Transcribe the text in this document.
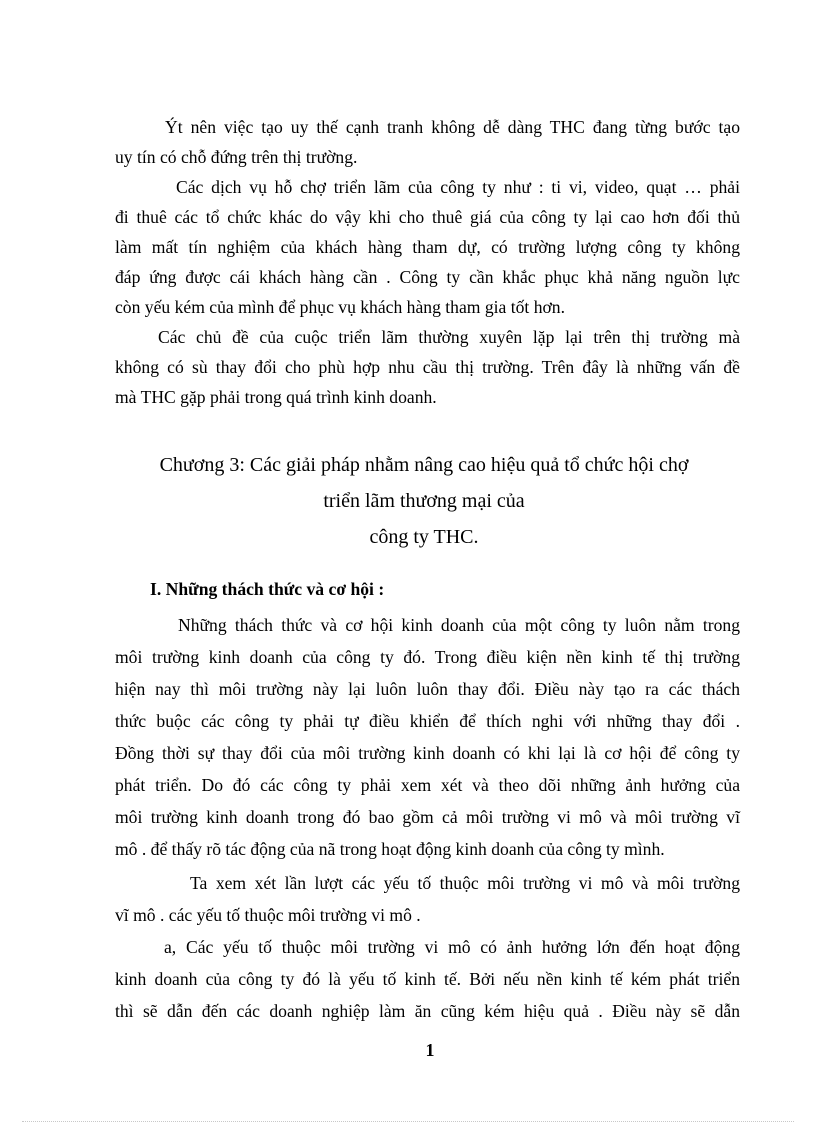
Ýt nên việc tạo uy thế cạnh tranh không dễ dàng THC đang từng bước tạo
uy tín có chỗ đứng trên thị trường.
Các dịch vụ hỗ chợ triển lãm của công ty như : ti vi, video, quạt … phải
đi thuê các tổ chức khác do vậy khi cho thuê giá của công ty lại cao hơn đối thủ
làm mất tín nghiệm của khách hàng tham dự, có trường lượng công ty không
đáp ứng được cái khách hàng cần . Công ty cần khắc phục khả năng nguồn lực
còn yếu kém của mình để phục vụ khách hàng tham gia tốt hơn.
Các chủ đề của cuộc triển lãm thường xuyên lặp lại trên thị trường mà
không có sù thay đổi cho phù hợp nhu cầu thị trường. Trên đây là những vấn đề
mà THC gặp phải trong quá trình kinh doanh.
Chương 3: Các giải pháp nhằm nâng cao hiệu quả tổ chức hội chợ
triển lãm thương mại của
công ty THC.
I. Những thách thức và cơ hội :
Những thách thức và cơ hội kinh doanh của một công ty luôn nằm trong
môi trường kinh doanh của công ty đó. Trong điều kiện nền kinh tế thị trường
hiện nay thì môi trường này lại luôn luôn thay đổi. Điều này tạo ra các thách
thức buộc các công ty phải tự điều khiển để thích nghi với những thay đổi .
Đồng thời sự thay đổi của môi trường kinh doanh có khi lại là cơ hội để công ty
phát triển. Do đó các công ty phải xem xét và theo dõi những ảnh hưởng của
môi trường kinh doanh trong đó bao gồm cả môi trường vi mô và môi trường vĩ
mô . để thấy rõ tác động của nã trong hoạt động kinh doanh của công ty mình.
Ta xem xét lần lượt các yếu tố thuộc môi trường vi mô và môi trường
vĩ mô . các yếu tố thuộc môi trường vi mô .
a, Các yếu tố thuộc môi trường vi mô có ảnh hưởng lớn đến hoạt động
kinh doanh của công ty đó là yếu tố kinh tế. Bởi nếu nền kinh tế kém phát triển
thì sẽ dẫn đến các doanh nghiệp làm ăn cũng kém hiệu quả . Điều này sẽ dẫn
1
